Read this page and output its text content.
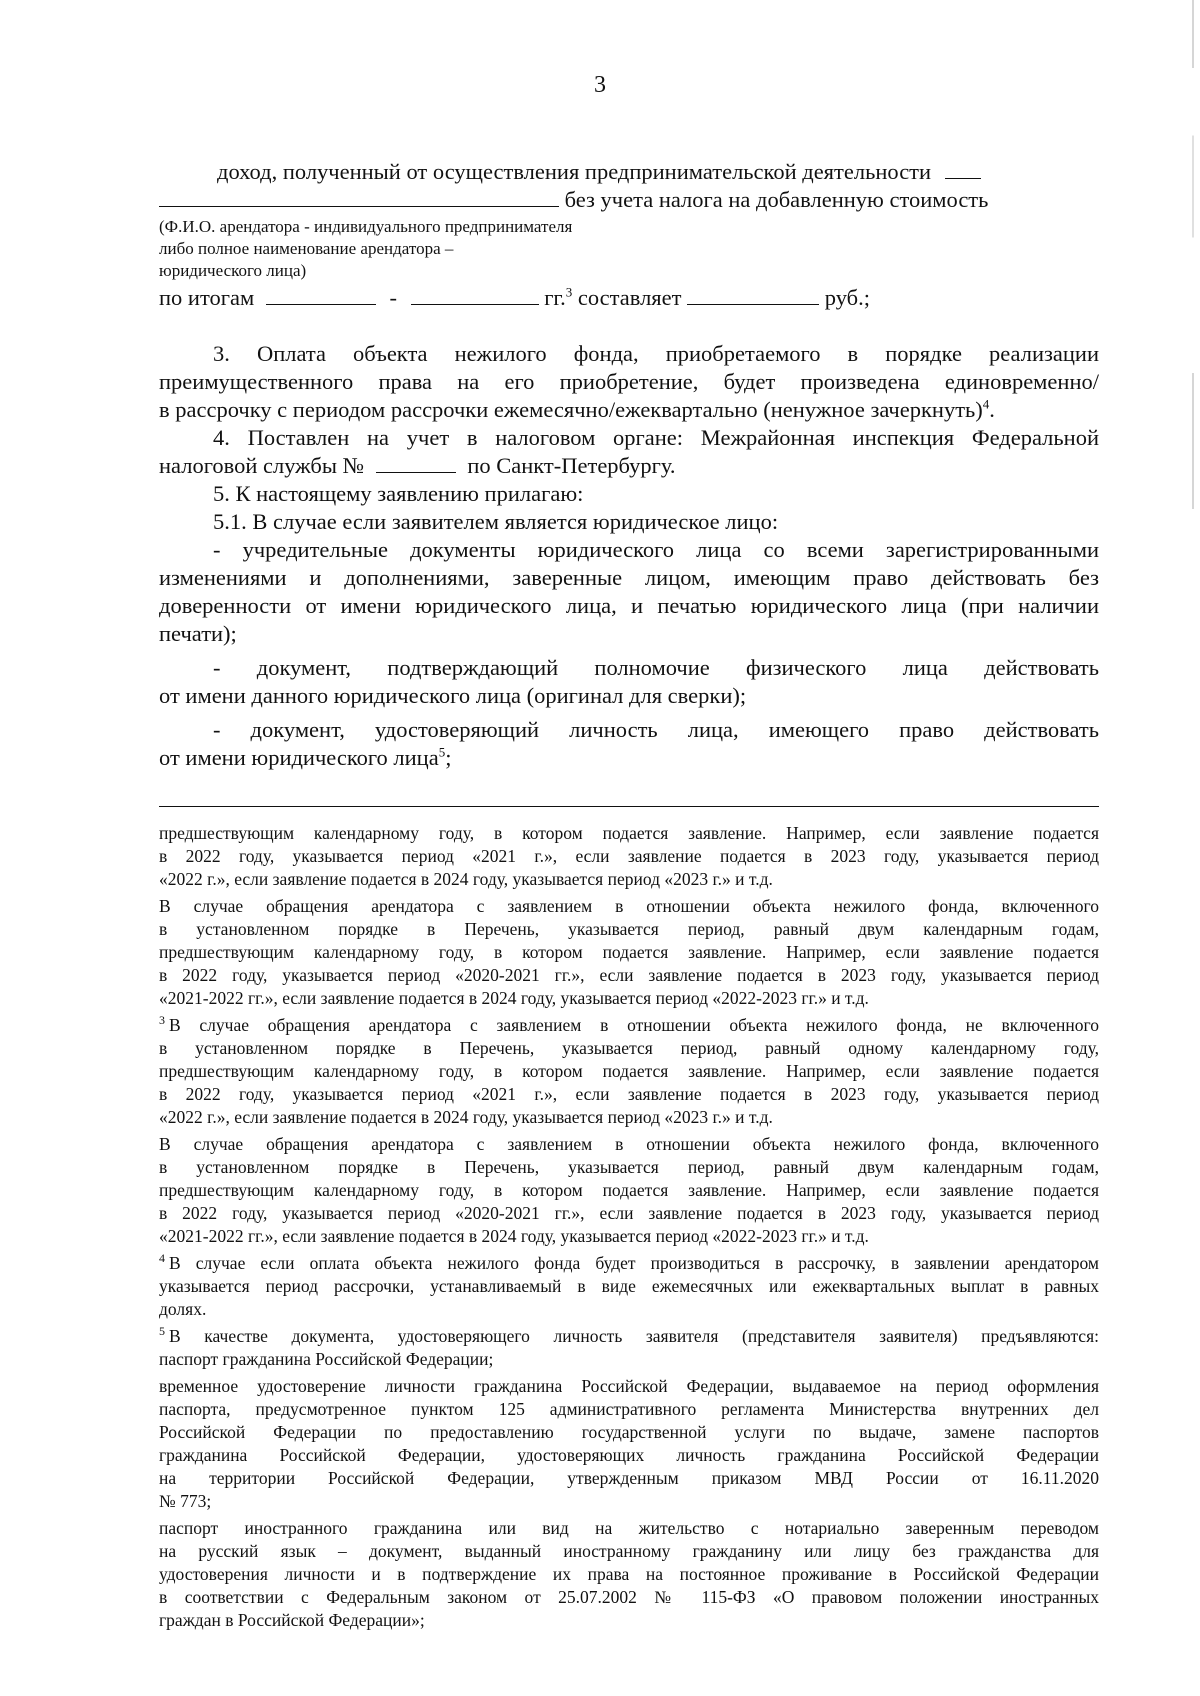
3
доход, полученный от осуществления предпринимательской деятельности
без учета налога на добавленную стоимость
(Ф.И.О. арендатора - индивидуального предпринимателя
либо полное наименование арендатора –
юридического лица)
по итогам	-	гг.$^3$ составляет	руб.;
3. Оплата объекта нежилого фонда, приобретаемого в порядке реализации
преимущественного права на его приобретение, будет произведена единовременно/
в рассрочку с периодом рассрочки ежемесячно/ежеквартально (ненужное зачеркнуть)$^4$.
4. Поставлен на учет в налоговом органе: Межрайонная инспекция Федеральной
налоговой службы №	по Санкт-Петербургу.
5. К настоящему заявлению прилагаю:
5.1. В случае если заявителем является юридическое лицо:
- учредительные документы юридического лица со всеми зарегистрированными
изменениями и дополнениями, заверенные лицом, имеющим право действовать без
доверенности от имени юридического лица, и печатью юридического лица (при наличии
печати);
- документ, подтверждающий полномочие физического лица действовать
от имени данного юридического лица (оригинал для сверки);
- документ, удостоверяющий личность лица, имеющего право действовать
от имени юридического лица$^5$;

предшествующим календарному году, в котором подается заявление. Например, если заявление подается
в 2022 году, указывается период «2021 г.», если заявление подается в 2023 году, указывается период
«2022 г.», если заявление подается в 2024 году, указывается период «2023 г.» и т.д.

В случае обращения арендатора с заявлением в отношении объекта нежилого фонда, включенного
в установленном порядке в Перечень, указывается период, равный двум календарным годам,
предшествующим календарному году, в котором подается заявление. Например, если заявление подается
в 2022 году, указывается период «2020-2021 гг.», если заявление подается в 2023 году, указывается период
«2021-2022 гг.», если заявление подается в 2024 году, указывается период «2022-2023 гг.» и т.д.

$^3$ В случае обращения арендатора с заявлением в отношении объекта нежилого фонда, не включенного
в установленном порядке в Перечень, указывается период, равный одному календарному году,
предшествующим календарному году, в котором подается заявление. Например, если заявление подается
в 2022 году, указывается период «2021 г.», если заявление подается в 2023 году, указывается период
«2022 г.», если заявление подается в 2024 году, указывается период «2023 г.» и т.д.

В случае обращения арендатора с заявлением в отношении объекта нежилого фонда, включенного
в установленном порядке в Перечень, указывается период, равный двум календарным годам,
предшествующим календарному году, в котором подается заявление. Например, если заявление подается
в 2022 году, указывается период «2020-2021 гг.», если заявление подается в 2023 году, указывается период
«2021-2022 гг.», если заявление подается в 2024 году, указывается период «2022-2023 гг.» и т.д.

$^4$ В случае если оплата объекта нежилого фонда будет производиться в рассрочку, в заявлении арендатором
указывается период рассрочки, устанавливаемый в виде ежемесячных или ежеквартальных выплат в равных
долях.

$^5$ В качестве документа, удостоверяющего личность заявителя (представителя заявителя) предъявляются:
паспорт гражданина Российской Федерации;

временное удостоверение личности гражданина Российской Федерации, выдаваемое на период оформления
паспорта, предусмотренное пунктом 125 административного регламента Министерства внутренних дел
Российской Федерации по предоставлению государственной услуги по выдаче, замене паспортов
гражданина Российской Федерации, удостоверяющих личность гражданина Российской Федерации
на территории Российской Федерации, утвержденным приказом МВД России от 16.11.2020
№ 773;

паспорт иностранного гражданина или вид на жительство с нотариально заверенным переводом
на русский язык – документ, выданный иностранному гражданину или лицу без гражданства для
удостоверения личности и в подтверждение их права на постоянное проживание в Российской Федерации
в соответствии с Федеральным законом от 25.07.2002 № 115-ФЗ «О правовом положении иностранных
граждан в Российской Федерации»;
